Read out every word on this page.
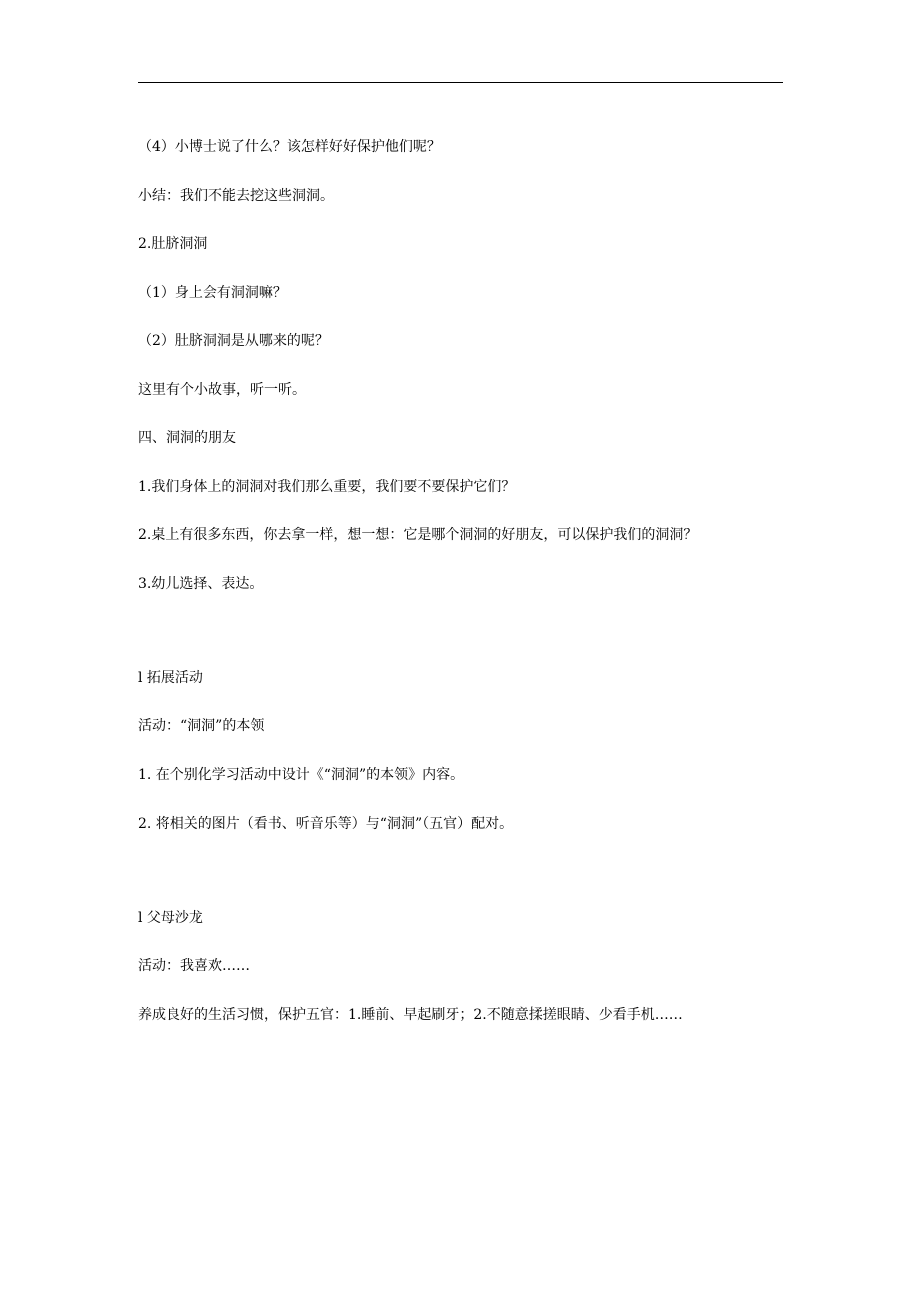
（4）小博士说了什么？该怎样好好保护他们呢？
小结：我们不能去挖这些洞洞。
2.肚脐洞洞
（1）身上会有洞洞嘛？
（2）肚脐洞洞是从哪来的呢？
这里有个小故事，听一听。
四、洞洞的朋友
1.我们身体上的洞洞对我们那么重要，我们要不要保护它们？
2.桌上有很多东西，你去拿一样，想一想：它是哪个洞洞的好朋友，可以保护我们的洞洞？
3.幼儿选择、表达。
l 拓展活动
活动：“洞洞”的本领
1. 在个别化学习活动中设计《“洞洞”的本领》内容。
2. 将相关的图片（看书、听音乐等）与“洞洞”（五官）配对。
l 父母沙龙
活动：我喜欢……
养成良好的生活习惯，保护五官：1.睡前、早起刷牙；2.不随意揉搓眼睛、少看手机……
